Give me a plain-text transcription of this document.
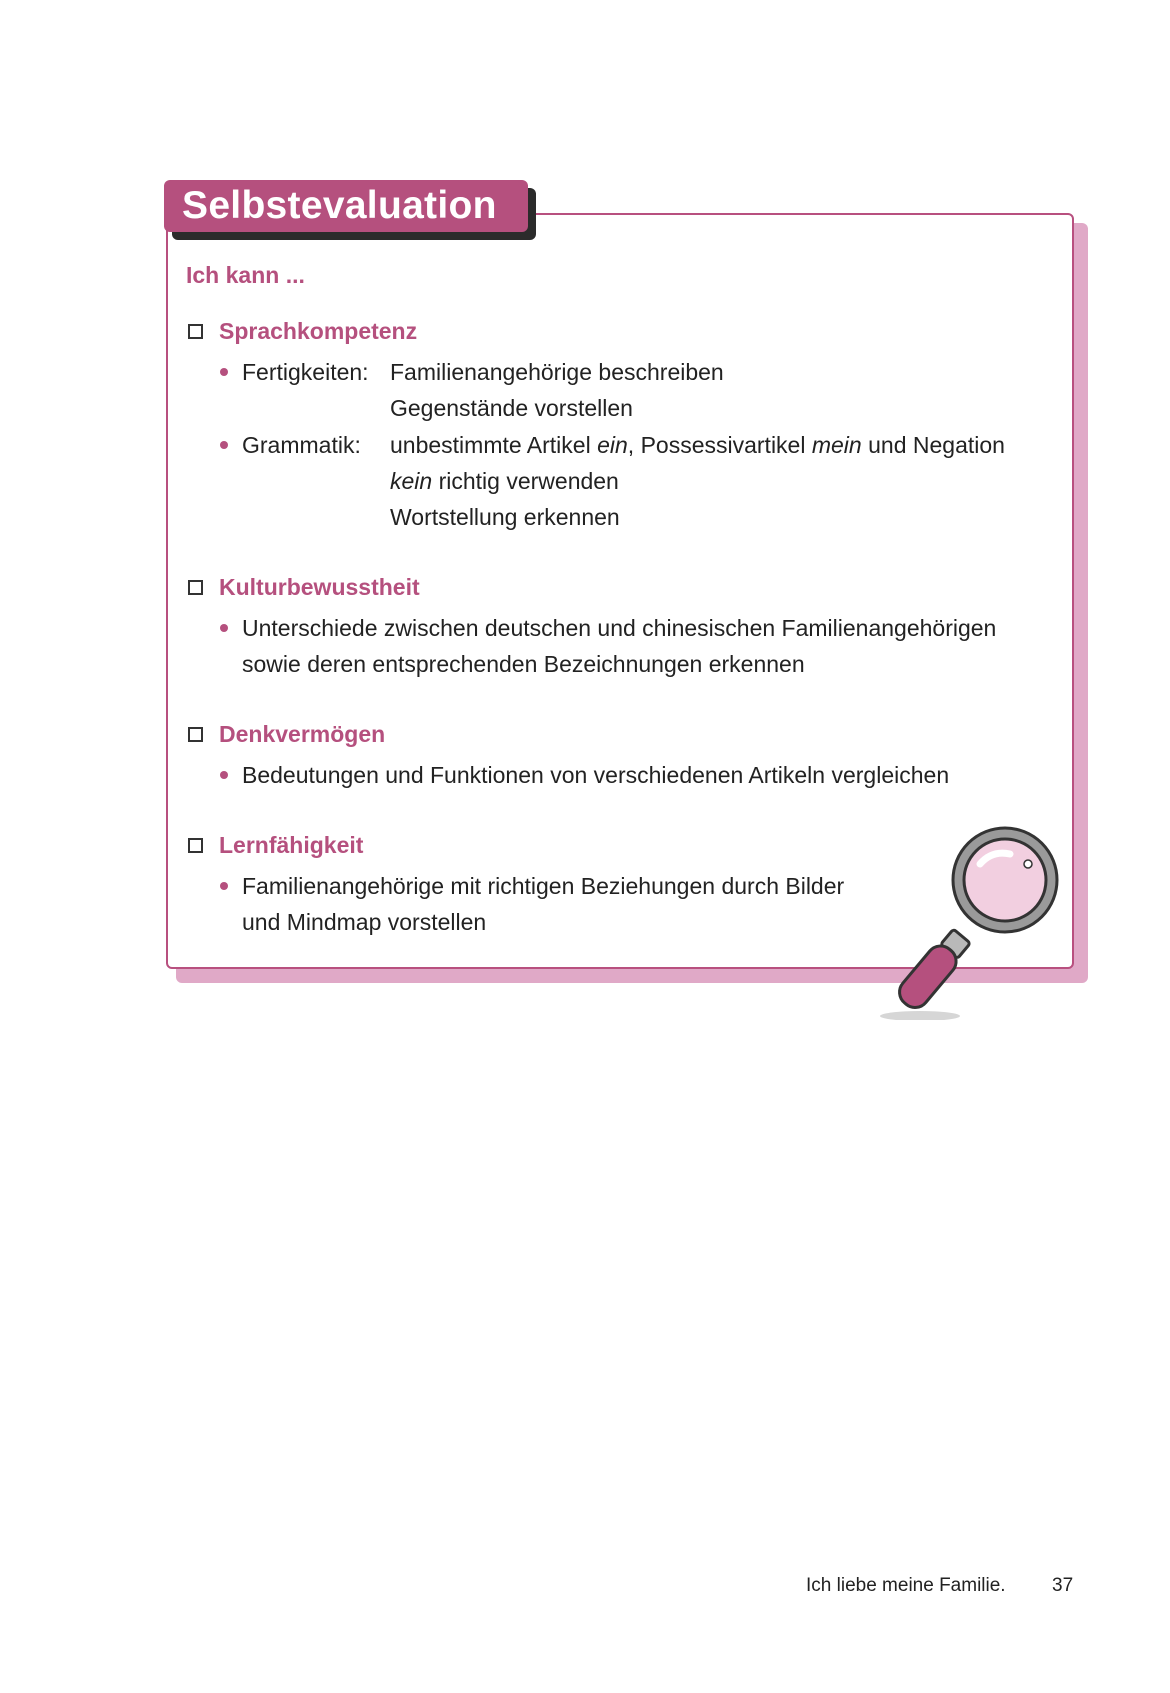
Selbstevaluation
Ich kann ...
Sprachkompetenz
Fertigkeiten: Familienangehörige beschreiben
Gegenstände vorstellen
Grammatik: unbestimmte Artikel ein, Possessivartikel mein und Negation
kein richtig verwenden
Wortstellung erkennen
Kulturbewusstheit
Unterschiede zwischen deutschen und chinesischen Familienangehörigen
sowie deren entsprechenden Bezeichnungen erkennen
Denkvermögen
Bedeutungen und Funktionen von verschiedenen Artikeln vergleichen
Lernfähigkeit
Familienangehörige mit richtigen Beziehungen durch Bilder
und Mindmap vorstellen
Ich liebe meine Familie. 37
